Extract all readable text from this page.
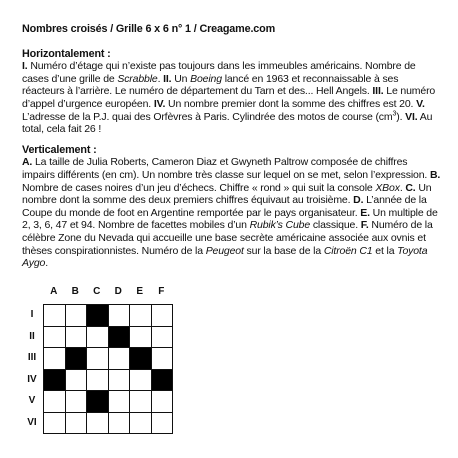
Nombres croisés / Grille 6 x 6 n° 1 / Creagame.com
Horizontalement :
I. Numéro d’étage qui n’existe pas toujours dans les immeubles américains. Nombre de cases d’une grille de Scrabble. II. Un Boeing lancé en 1963 et reconnaissable à ses réacteurs à l’arrière. Le numéro de département du Tarn et des... Hell Angels. III. Le numéro d’appel d’urgence européen. IV. Un nombre premier dont la somme des chiffres est 20. V. L’adresse de la P.J. quai des Orfèvres à Paris. Cylindrée des motos de course $(cm^3)$. VI. Au total, cela fait 26 !
Verticalement :
A. La taille de Julia Roberts, Cameron Diaz et Gwyneth Paltrow composée de chiffres impairs différents (en cm). Un nombre très classe sur lequel on se met, selon l’expression. B. Nombre de cases noires d’un jeu d’échecs. Chiffre « rond » qui suit la console XBox. C. Un nombre dont la somme des deux premiers chiffres équivaut au troisième. D. L’année de la Coupe du monde de foot en Argentine remportée par le pays organisateur. E. Un multiple de 2, 3, 6, 47 et 94. Nombre de facettes mobiles d’un Rubik’s Cube classique. F. Numéro de la célèbre Zone du Nevada qui accueille une base secrète américaine associée aux ovnis et thèses conspirationnistes. Numéro de la Peugeot sur la base de la Citroën C1 et la Toyota Aygo.
A	B	C	D	E	F
I
II
III
IV
V
VI
